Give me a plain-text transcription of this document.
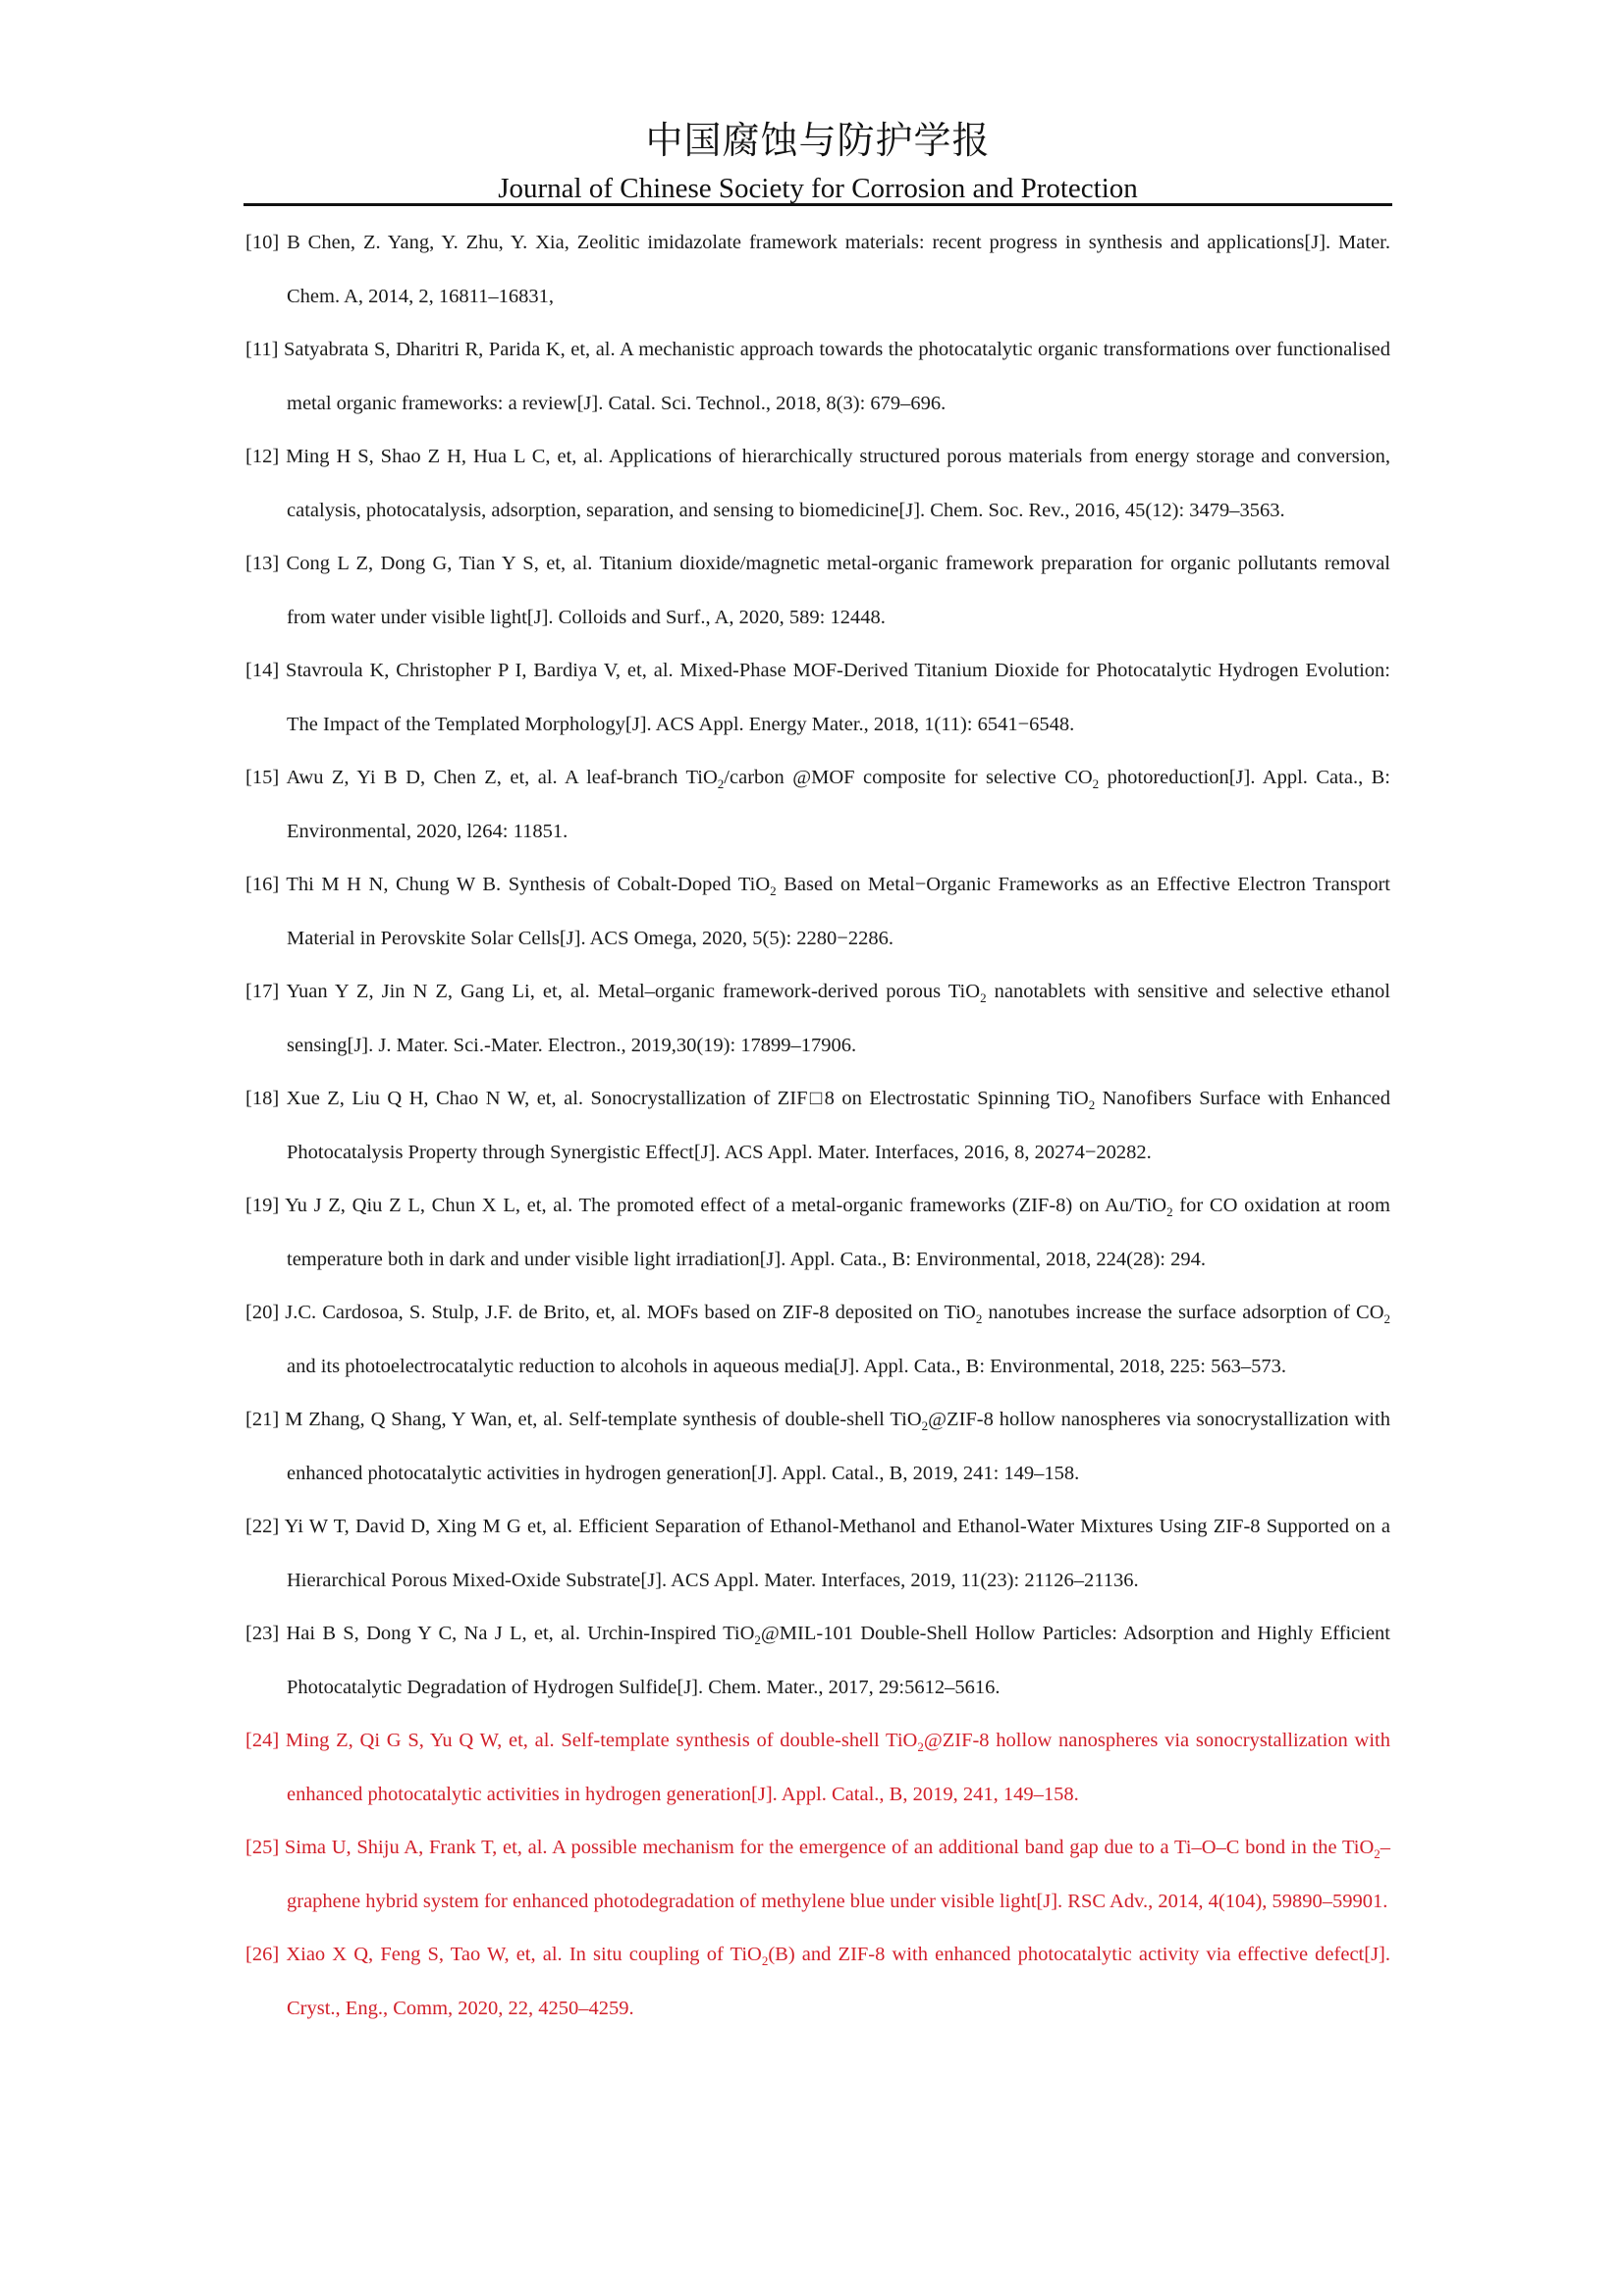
中国腐蚀与防护学报
Journal of Chinese Society for Corrosion and Protection
[10] B Chen, Z. Yang, Y. Zhu, Y. Xia, Zeolitic imidazolate framework materials: recent progress in synthesis and applications[J]. Mater. Chem. A, 2014, 2, 16811–16831,
[11] Satyabrata S, Dharitri R, Parida K, et, al. A mechanistic approach towards the photocatalytic organic transformations over functionalised metal organic frameworks: a review[J]. Catal. Sci. Technol., 2018, 8(3): 679–696.
[12] Ming H S, Shao Z H, Hua L C, et, al. Applications of hierarchically structured porous materials from energy storage and conversion, catalysis, photocatalysis, adsorption, separation, and sensing to biomedicine[J]. Chem. Soc. Rev., 2016, 45(12): 3479–3563.
[13] Cong L Z, Dong G, Tian Y S, et, al. Titanium dioxide/magnetic metal-organic framework preparation for organic pollutants removal from water under visible light[J]. Colloids and Surf., A, 2020, 589: 12448.
[14] Stavroula K, Christopher P I, Bardiya V, et, al. Mixed-Phase MOF-Derived Titanium Dioxide for Photocatalytic Hydrogen Evolution: The Impact of the Templated Morphology[J]. ACS Appl. Energy Mater., 2018, 1(11): 6541−6548.
[15] Awu Z, Yi B D, Chen Z, et, al. A leaf-branch TiO$_2$/carbon @MOF composite for selective $CO_2$ photoreduction[J]. Appl. Cata., B: Environmental, 2020, l264: 11851.
[16] Thi M H N, Chung W B. Synthesis of Cobalt-Doped TiO$_2$ Based on Metal−Organic Frameworks as an Effective Electron Transport Material in Perovskite Solar Cells[J]. ACS Omega, 2020, 5(5): 2280−2286.
[17] Yuan Y Z, Jin N Z, Gang Li, et, al. Metal–organic framework-derived porous TiO$_2$ nanotablets with sensitive and selective ethanol sensing[J]. J. Mater. Sci.-Mater. Electron., 2019,30(19): 17899–17906.
[18] Xue Z, Liu Q H, Chao N W, et, al. Sonocrystallization of ZIF□8 on Electrostatic Spinning TiO$_2$ Nanofibers Surface with Enhanced Photocatalysis Property through Synergistic Effect[J]. ACS Appl. Mater. Interfaces, 2016, 8, 20274−20282.
[19] Yu J Z, Qiu Z L, Chun X L, et, al. The promoted effect of a metal-organic frameworks (ZIF-8) on Au/TiO$_2$ for CO oxidation at room temperature both in dark and under visible light irradiation[J]. Appl. Cata., B: Environmental, 2018, 224(28): 294.
[20] J.C. Cardosoa, S. Stulp, J.F. de Brito, et, al. MOFs based on ZIF-8 deposited on TiO$_2$ nanotubes increase the surface adsorption of $CO_2$ and its photoelectrocatalytic reduction to alcohols in aqueous media[J]. Appl. Cata., B: Environmental, 2018, 225: 563–573.
[21] M Zhang, Q Shang, Y Wan, et, al. Self-template synthesis of double-shell TiO$_2$@ZIF-8 hollow nanospheres via sonocrystallization with enhanced photocatalytic activities in hydrogen generation[J]. Appl. Catal., B, 2019, 241: 149–158.
[22] Yi W T, David D, Xing M G et, al. Efficient Separation of Ethanol-Methanol and Ethanol-Water Mixtures Using ZIF-8 Supported on a Hierarchical Porous Mixed-Oxide Substrate[J]. ACS Appl. Mater. Interfaces, 2019, 11(23): 21126–21136.
[23] Hai B S, Dong Y C, Na J L, et, al. Urchin-Inspired TiO$_2$@MIL-101 Double-Shell Hollow Particles: Adsorption and Highly Efficient Photocatalytic Degradation of Hydrogen Sulfide[J]. Chem. Mater., 2017, 29:5612–5616.
[24] Ming Z, Qi G S, Yu Q W, et, al. Self-template synthesis of double-shell TiO$_2$@ZIF-8 hollow nanospheres via sonocrystallization with enhanced photocatalytic activities in hydrogen generation[J]. Appl. Catal., B, 2019, 241, 149–158.
[25] Sima U, Shiju A, Frank T, et, al. A possible mechanism for the emergence of an additional band gap due to a Ti–O–C bond in the TiO$_2$–graphene hybrid system for enhanced photodegradation of methylene blue under visible light[J]. RSC Adv., 2014, 4(104), 59890–59901.
[26] Xiao X Q, Feng S, Tao W, et, al. In situ coupling of TiO$_2$(B) and ZIF-8 with enhanced photocatalytic activity via effective defect[J]. Cryst., Eng., Comm, 2020, 22, 4250–4259.
